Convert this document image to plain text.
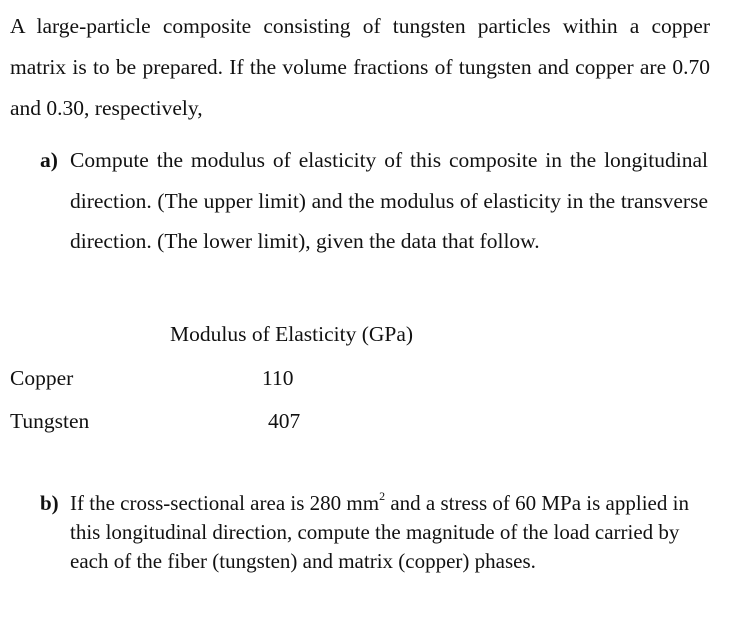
A large-particle composite consisting of tungsten particles within a copper matrix is to be prepared. If the volume fractions of tungsten and copper are 0.70 and 0.30, respectively,

a) Compute the modulus of elasticity of this composite in the longitudinal direction. (The upper limit) and the modulus of elasticity in the transverse direction. (The lower limit), given the data that follow.

Modulus of Elasticity (GPa)

Copper	110
Tungsten	407
b) If the cross-sectional area is 280 $mm^2$ and a stress of 60 MPa is applied in this longitudinal direction, compute the magnitude of the load carried by each of the fiber (tungsten) and matrix (copper) phases.
